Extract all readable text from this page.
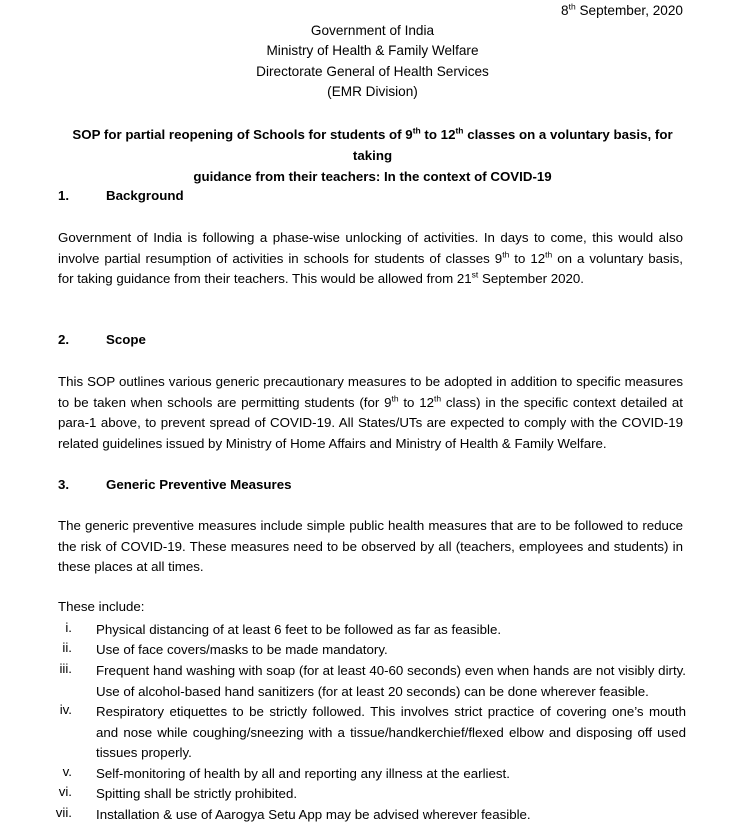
8th September, 2020
Government of India
Ministry of Health & Family Welfare
Directorate General of Health Services
(EMR Division)
SOP for partial reopening of Schools for students of 9th to 12th classes on a voluntary basis, for taking
guidance from their teachers: In the context of COVID-19
1.	Background
Government of India is following a phase-wise unlocking of activities. In days to come, this would also
involve partial resumption of activities in schools for students of classes 9th to 12th on a voluntary basis,
for taking guidance from their teachers. This would be allowed from 21st September 2020.
2.	Scope
This SOP outlines various generic precautionary measures to be adopted in addition to specific measures
to be taken when schools are permitting students (for 9th to 12th class) in the specific context detailed at
para-1 above, to prevent spread of COVID-19. All States/UTs are expected to comply with the COVID-19
related guidelines issued by Ministry of Home Affairs and Ministry of Health & Family Welfare.
3.	Generic Preventive Measures
The generic preventive measures include simple public health measures that are to be followed to reduce
the risk of COVID-19. These measures need to be observed by all (teachers, employees and students) in
these places at all times.
These include:
i. Physical distancing of at least 6 feet to be followed as far as feasible.
ii. Use of face covers/masks to be made mandatory.
iii. Frequent hand washing with soap (for at least 40-60 seconds) even when hands are not visibly dirty.
Use of alcohol-based hand sanitizers (for at least 20 seconds) can be done wherever feasible.
iv. Respiratory etiquettes to be strictly followed. This involves strict practice of covering one’s mouth
and nose while coughing/sneezing with a tissue/handkerchief/flexed elbow and disposing off used
tissues properly.
v. Self-monitoring of health by all and reporting any illness at the earliest.
vi. Spitting shall be strictly prohibited.
vii. Installation & use of Aarogya Setu App may be advised wherever feasible.
